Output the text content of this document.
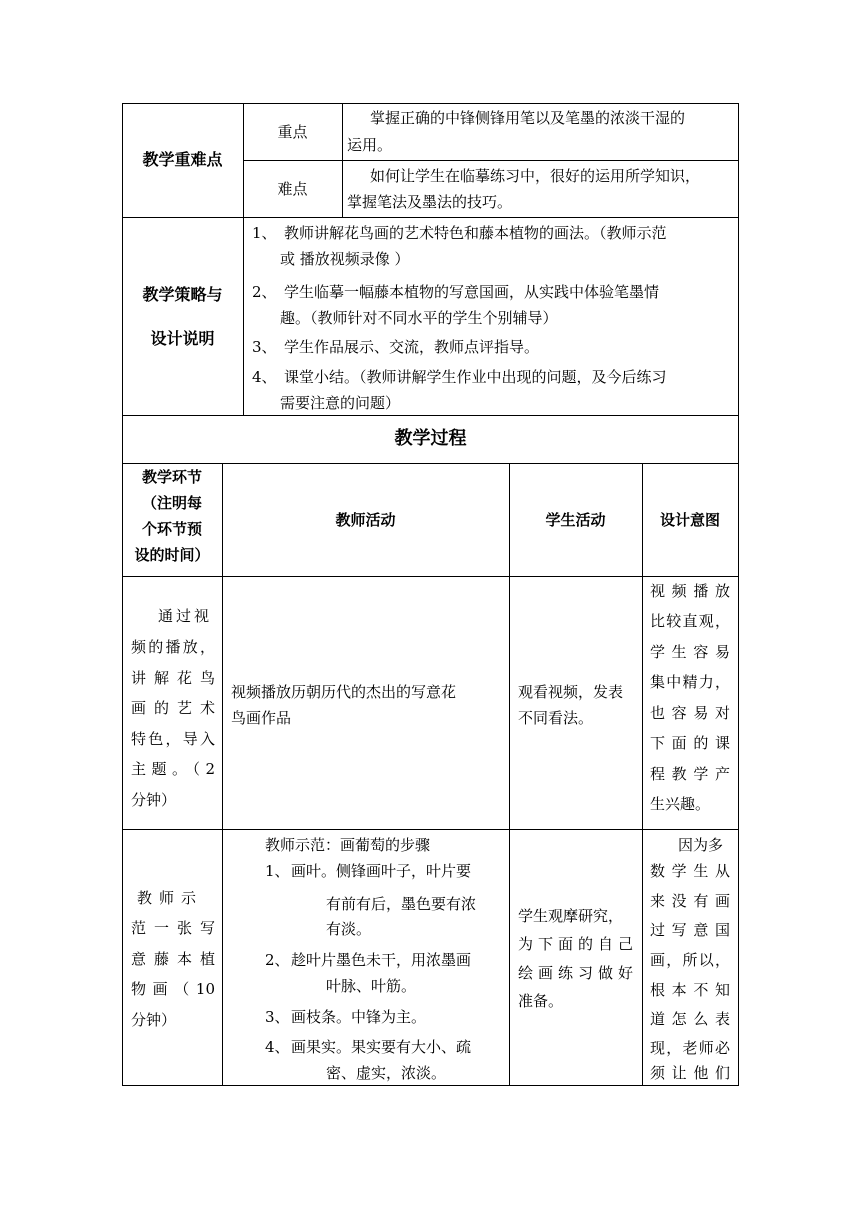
教学重难点
重点
掌握正确的中锋侧锋用笔以及笔墨的浓淡干湿的
运用。
难点
如何让学生在临摹练习中，很好的运用所学知识，
掌握笔法及墨法的技巧。
教学策略与
设计说明
1、 教师讲解花鸟画的艺术特色和藤本植物的画法。（教师示范
或 播放视频录像 ）
2、 学生临摹一幅藤本植物的写意国画，从实践中体验笔墨情
趣。（教师针对不同水平的学生个别辅导）
3、 学生作品展示、交流，教师点评指导。
4、 课堂小结。（教师讲解学生作业中出现的问题，及今后练习
需要注意的问题）
教学过程
教学环节
（注明每
个环节预
设的时间）
教师活动	学生活动	设计意图
通过视
频的播放，
讲解花鸟
画的艺术
特色，导入
主题。（2
分钟）
视频播放历朝历代的杰出的写意花
鸟画作品
观看视频，发表
不同看法。
视频播放
比较直观，
学生容易
集中精力，
也容易对
下面的课
程教学产
生兴趣。
教师示
范一张写
意藤本植
物画（10
分钟）
教师示范：画葡萄的步骤
1、 画叶。侧锋画叶子，叶片要
有前有后，墨色要有浓
有淡。
2、 趁叶片墨色未干，用浓墨画
叶脉、叶筋。
3、 画枝条。中锋为主。
4、 画果实。果实要有大小、疏
密、虚实，浓淡。
学生观摩研究，
为下面的自己
绘画练习做好
准备。
因为多
数学生从
来没有画
过写意国
画，所以，
根本不知
道怎么表
现，老师必
须让他们
